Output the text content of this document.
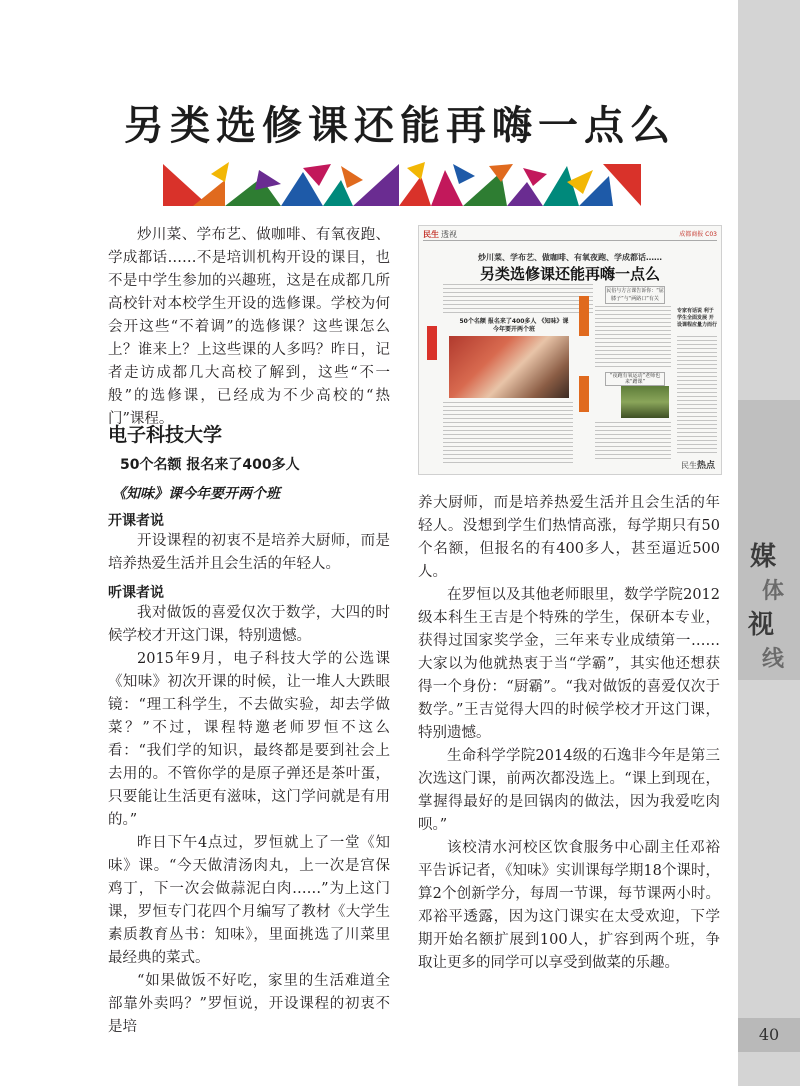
媒
体
视
线
40
另类选修课还能再嗨一点么

炒川菜、学布艺、做咖啡、有氧夜跑、学成都话……不是培训机构开设的课目，也不是中学生参加的兴趣班，这是在成都几所高校针对本校学生开设的选修课。学校为何会开这些“不着调”的选修课？这些课怎么上？谁来上？上这些课的人多吗？昨日，记者走访成都几大高校了解到，这些“不一般”的选修课，已经成为不少高校的“热门”课程。

电子科技大学
50个名额 报名来了400多人
《知味》课今年要开两个班
开课者说
听课者说

开设课程的初衷不是培养大厨师，而是培养热爱生活并且会生活的年轻人。

我对做饭的喜爱仅次于数学，大四的时候学校才开这门课，特别遗憾。

2015年9月，电子科技大学的公选课《知味》初次开课的时候，让一堆人大跌眼镜：“理工科学生，不去做实验，却去学做菜？”不过，课程特邀老师罗恒不这么看：“我们学的知识，最终都是要到社会上去用的。不管你学的是原子弹还是茶叶蛋，只要能让生活更有滋味，这门学问就是有用的。”

昨日下午4点过，罗恒就上了一堂《知味》课。“今天做清汤肉丸，上一次是宫保鸡丁，下一次会做蒜泥白肉……”为上这门课，罗恒专门花四个月编写了教材《大学生素质教育丛书：知味》，里面挑选了川菜里最经典的菜式。

“如果做饭不好吃，家里的生活难道全部靠外卖吗？”罗恒说，开设课程的初衷不是培

民生 透视	成都商报 C03
炒川菜、学布艺、做咖啡、有氧夜跑、学成都话……
另类选修课还能再嗨一点么
民俗与方言课告诉你：“屈膝子”与“两路口”有关
50个名额 报名来了400多人 《知味》课今年要开两个班
“夜跑有氧运动”老师也来“蹭课”
专家有话说 利于学生全面发展 开设课程应量力而行
民生热点

养大厨师，而是培养热爱生活并且会生活的年轻人。没想到学生们热情高涨，每学期只有50个名额，但报名的有400多人，甚至逼近500人。

在罗恒以及其他老师眼里，数学学院2012级本科生王吉是个特殊的学生，保研本专业，获得过国家奖学金，三年来专业成绩第一……大家以为他就热衷于当“学霸”，其实他还想获得一个身份：“厨霸”。“我对做饭的喜爱仅次于数学。”王吉觉得大四的时候学校才开这门课，特别遗憾。

生命科学学院2014级的石逸非今年是第三次选这门课，前两次都没选上。“课上到现在，掌握得最好的是回锅肉的做法，因为我爱吃肉呗。”

该校清水河校区饮食服务中心副主任邓裕平告诉记者，《知味》实训课每学期18个课时，算2个创新学分，每周一节课，每节课两小时。邓裕平透露，因为这门课实在太受欢迎，下学期开始名额扩展到100人，扩容到两个班，争取让更多的同学可以享受到做菜的乐趣。
